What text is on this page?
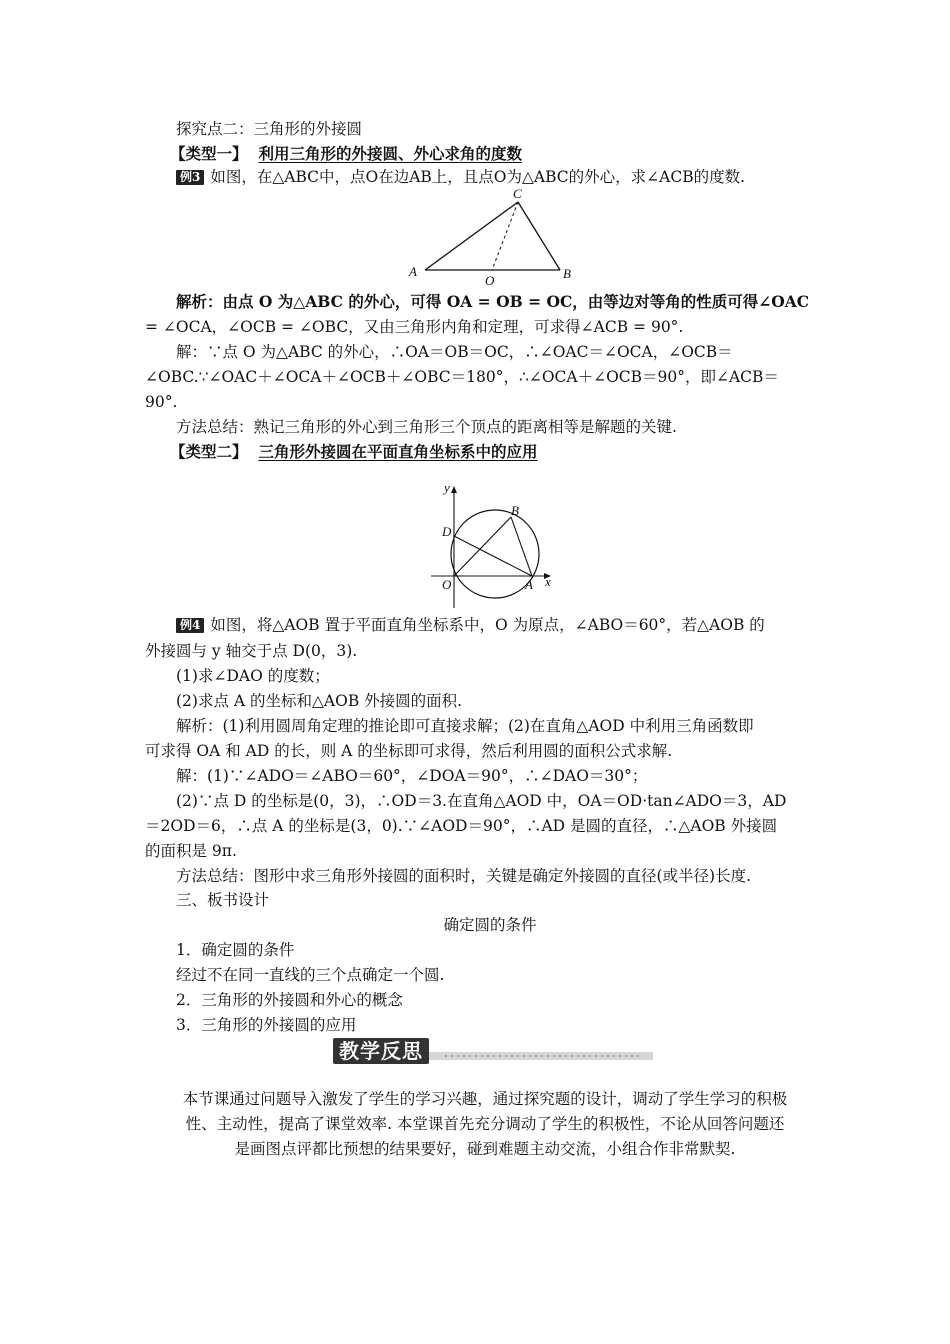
探究点二：三角形的外接圆
【类型一】 利用三角形的外接圆、外心求角的度数
例3 如图，在△ABC中，点O在边AB上，且点O为△ABC的外心，求∠ACB的度数.
A	B
C
O
解析：由点 O 为△ABC 的外心，可得 OA = OB = OC，由等边对等角的性质可得∠OAC
= ∠OCA，∠OCB = ∠OBC，又由三角形内角和定理，可求得∠ACB = 90°.
解：∵点 O 为△ABC 的外心，∴OA＝OB＝OC，∴∠OAC＝∠OCA，∠OCB＝
∠OBC.∵∠OAC＋∠OCA＋∠OCB＋∠OBC＝180°，∴∠OCA＋∠OCB＝90°，即∠ACB＝
90°.
方法总结：熟记三角形的外心到三角形三个顶点的距离相等是解题的关键.
【类型二】 三角形外接圆在平面直角坐标系中的应用
y
x
B
D
O	A
例4 如图，将△AOB 置于平面直角坐标系中，O 为原点，∠ABO＝60°，若△AOB 的
外接圆与 y 轴交于点 D(0，3).
(1)求∠DAO 的度数；
(2)求点 A 的坐标和△AOB 外接圆的面积.
解析：(1)利用圆周角定理的推论即可直接求解；(2)在直角△AOD 中利用三角函数即
可求得 OA 和 AD 的长，则 A 的坐标即可求得，然后利用圆的面积公式求解.
解：(1)∵∠ADO＝∠ABO＝60°，∠DOA＝90°，∴∠DAO＝30°；
(2)∵点 D 的坐标是(0，3)，∴OD＝3.在直角△AOD 中，OA＝OD·tan∠ADO＝3，AD
＝2OD＝6，∴点 A 的坐标是(3，0).∵∠AOD＝90°，∴AD 是圆的直径，∴△AOB 外接圆
的面积是 9π.
方法总结：图形中求三角形外接圆的面积时，关键是确定外接圆的直径(或半径)长度.
三、板书设计
确定圆的条件
1．确定圆的条件
经过不在同一直线的三个点确定一个圆.
2．三角形的外接圆和外心的概念
3．三角形的外接圆的应用
教学反思
本节课通过问题导入激发了学生的学习兴趣，通过探究题的设计，调动了学生学习的积极
性、主动性，提高了课堂效率. 本堂课首先充分调动了学生的积极性，不论从回答问题还
是画图点评都比预想的结果要好，碰到难题主动交流，小组合作非常默契.
